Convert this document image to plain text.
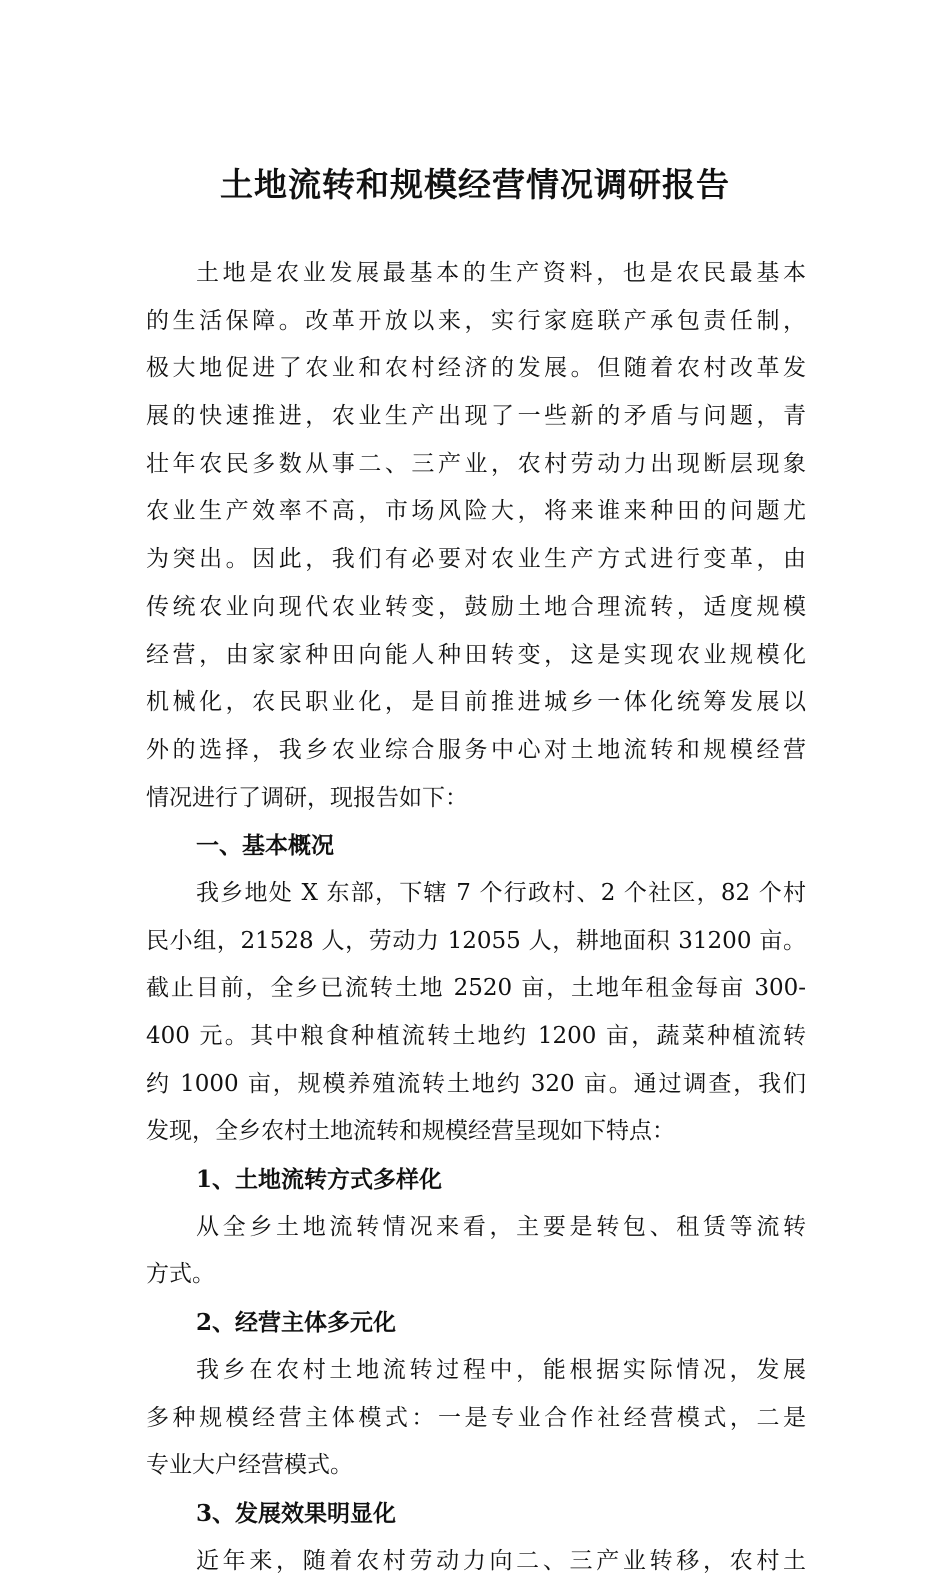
土地流转和规模经营情况调研报告
土地是农业发展最基本的生产资料，也是农民最基本
的生活保障。改革开放以来，实行家庭联产承包责任制，
极大地促进了农业和农村经济的发展。但随着农村改革发
展的快速推进，农业生产出现了一些新的矛盾与问题，青
壮年农民多数从事二、三产业，农村劳动力出现断层现象
农业生产效率不高，市场风险大，将来谁来种田的问题尤
为突出。因此，我们有必要对农业生产方式进行变革，由
传统农业向现代农业转变，鼓励土地合理流转，适度规模
经营，由家家种田向能人种田转变，这是实现农业规模化
机械化，农民职业化，是目前推进城乡一体化统筹发展以
外的选择，我乡农业综合服务中心对土地流转和规模经营
情况进行了调研，现报告如下：
一、基本概况
我乡地处 X 东部，下辖 7 个行政村、2 个社区，82 个村
民小组，21528 人，劳动力 12055 人，耕地面积 31200 亩。
截止目前，全乡已流转土地 2520 亩，土地年租金每亩 300-
400 元。其中粮食种植流转土地约 1200 亩，蔬菜种植流转
约 1000 亩，规模养殖流转土地约 320 亩。通过调查，我们
发现，全乡农村土地流转和规模经营呈现如下特点：
1、土地流转方式多样化
从全乡土地流转情况来看，主要是转包、租赁等流转
方式。
2、经营主体多元化
我乡在农村土地流转过程中，能根据实际情况，发展
多种规模经营主体模式：一是专业合作社经营模式，二是
专业大户经营模式。
3、发展效果明显化
近年来，随着农村劳动力向二、三产业转移，农村土
